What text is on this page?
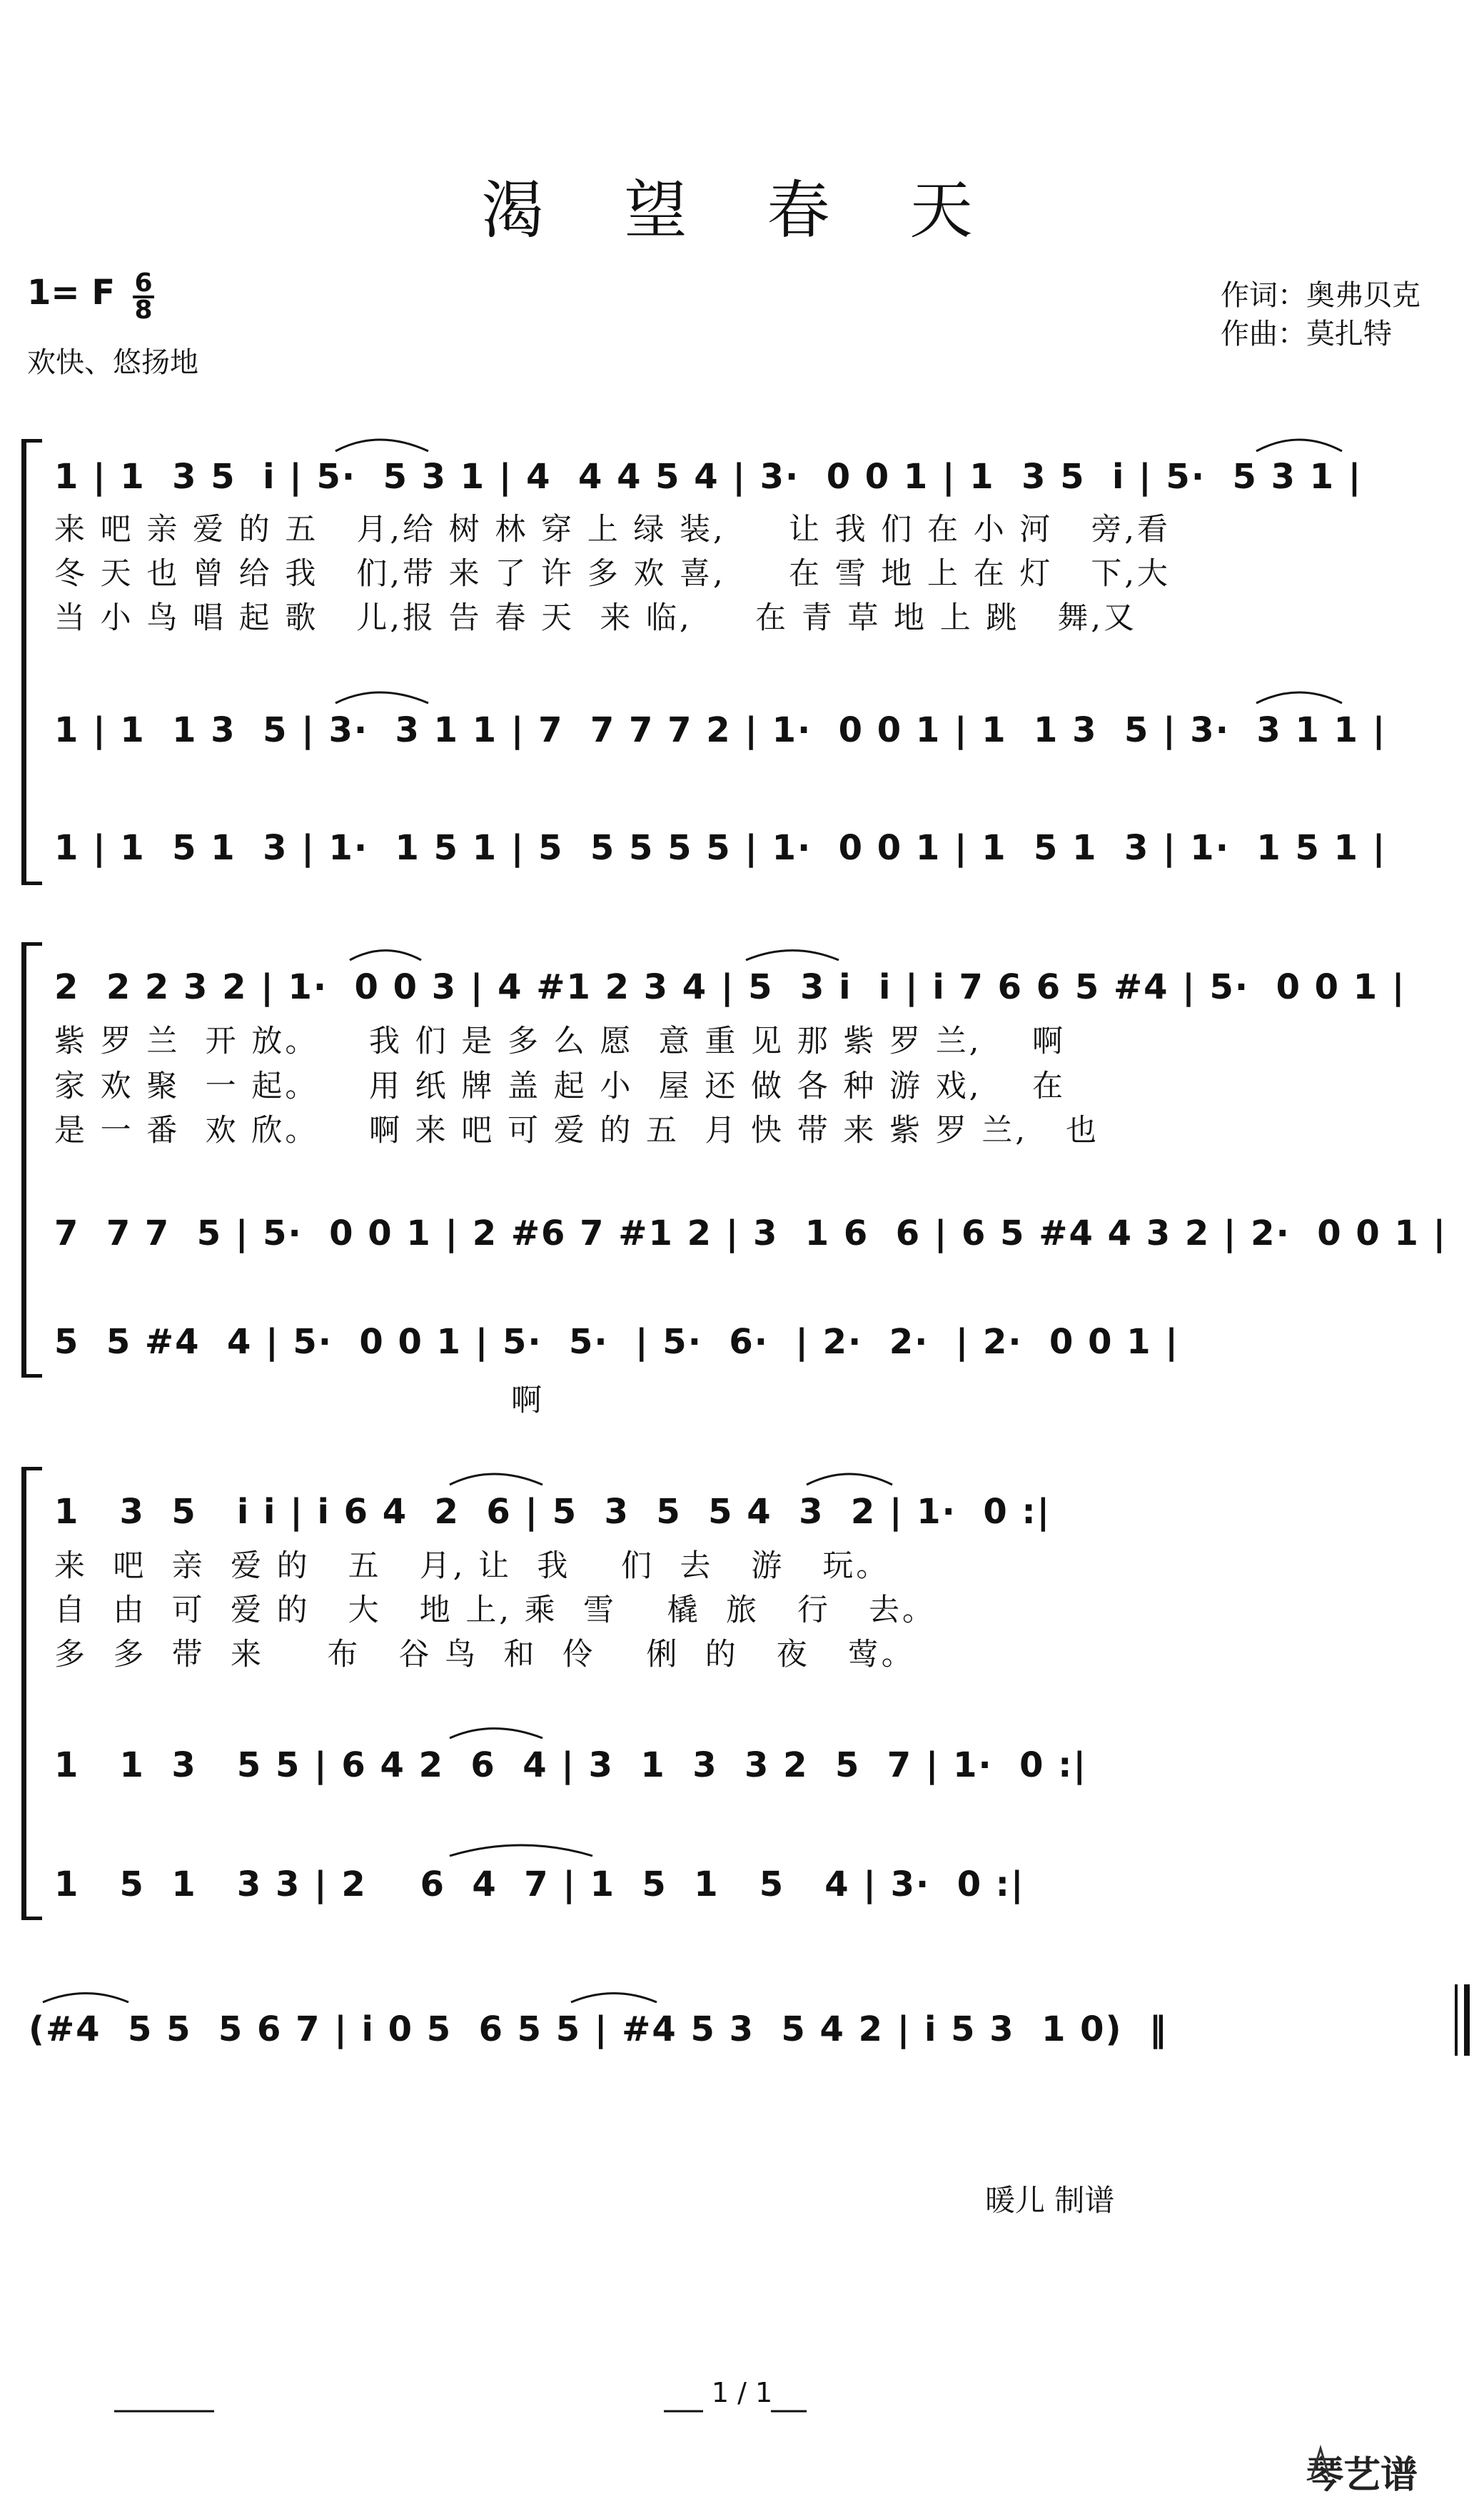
渴 望 春 天
1= F $\frac{6}{8}$
欢快、悠扬地
作词：奥弗贝克
作曲：莫扎特
1 | 1  3 5  i | 5·  5 3 1 | 4  4 4 5 4 | 3·  0 0 1 | 1  3 5  i | 5·  5 3 1 |
来 吧 亲 爱 的 五   月,给 树 林 穿 上 绿 装,     让 我 们 在 小 河   旁,看
冬 天 也 曾 给 我   们,带 来 了 许 多 欢 喜,     在 雪 地 上 在 灯   下,大
当 小 鸟 唱 起 歌   儿,报 告 春 天  来 临,     在 青 草 地 上 跳   舞,又
1 | 1  1 3  5 | 3·  3 1 1 | 7  7 7 7 2 | 1·  0 0 1 | 1  1 3  5 | 3·  3 1 1 |
1 | 1  5 1  3 | 1·  1 5 1 | 5  5 5 5 5 | 1·  0 0 1 | 1  5 1  3 | 1·  1 5 1 |
2  2 2 3 2 | 1·  0 0 3 | 4 #1 2 3 4 | 5  3 i  i | i 7 6 6 5 #4 | 5·  0 0 1 |
紫 罗 兰  开 放。    我 们 是 多 么 愿  意 重 见 那 紫 罗 兰,    啊
家 欢 聚  一 起。    用 纸 牌 盖 起 小  屋 还 做 各 种 游 戏,    在
是 一 番  欢 欣。    啊 来 吧 可 爱 的 五  月 快 带 来 紫 罗 兰,   也
7  7 7  5 | 5·  0 0 1 | 2 #6 7 #1 2 | 3  1 6  6 | 6 5 #4 4 3 2 | 2·  0 0 1 |
5  5 #4  4 | 5·  0 0 1 | 5·  5·  | 5·  6·  | 2·  2·  | 2·  0 0 1 |
啊
1   3  5   i i | i 6 4  2  6 | 5  3  5  5 4  3  2 | 1·  0 :|
来  吧  亲  爱 的   五   月, 让  我    们  去   游   玩。
自  由  可  爱 的   大   地 上, 乘  雪    橇  旅   行   去。
多  多  带  来     布   谷 鸟  和  伶    俐  的   夜   莺。
1   1  3   5 5 | 6 4 2  6  4 | 3  1  3  3 2  5  7 | 1·  0 :|
1   5  1   3 3 | 2    6  4  7 | 1  5  1   5   4 | 3·  0 :|
(#4  5 5  5 6 7 | i 0 5  6 5 5 | #4 5 3  5 4 2 | i 5 3  1 0)  ‖
暖儿 制谱
1 / 1
琴艺谱
